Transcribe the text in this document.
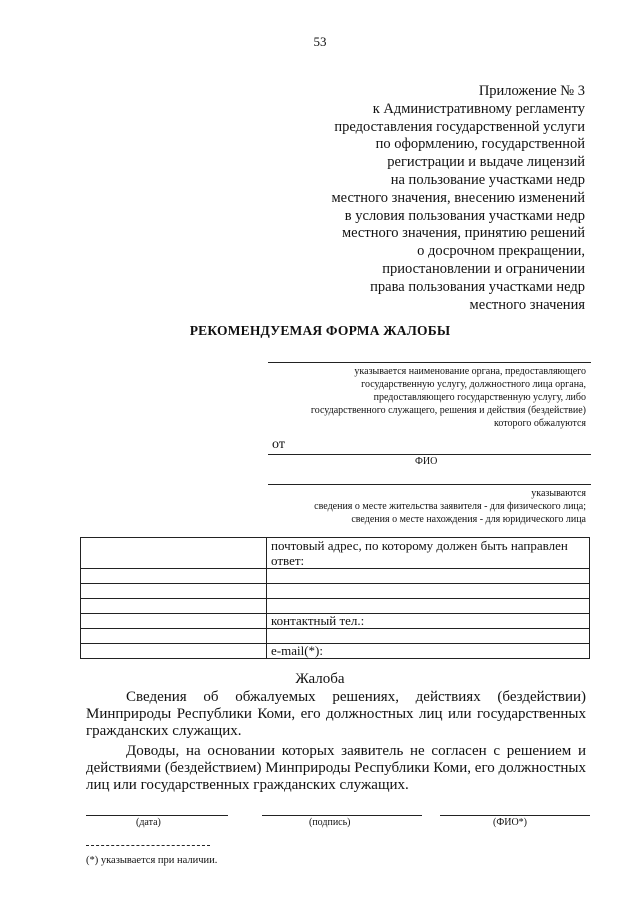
53
Приложение № 3
к Административному регламенту
предоставления государственной услуги
по оформлению, государственной
регистрации и выдаче лицензий
на пользование участками недр
местного значения, внесению изменений
в условия пользования участками недр
местного значения, принятию решений
о досрочном прекращении,
приостановлении и ограничении
права пользования участками недр
местного значения
РЕКОМЕНДУЕМАЯ ФОРМА ЖАЛОБЫ
указывается наименование органа, предоставляющего
государственную услугу, должностного лица органа,
предоставляющего государственную услугу, либо
государственного служащего, решения и действия (бездействие)
которого обжалуются
от
ФИО
указываются
сведения о месте жительства заявителя - для физического лица;
сведения о месте нахождения - для юридического лица
	почтовый адрес, по которому должен быть направлен ответ:

	контактный тел.:

	e-mail(*):
Жалоба
Сведения об обжалуемых решениях, действиях (бездействии) Минприроды Республики Коми, его должностных лиц или государственных гражданских служащих.
Доводы, на основании которых заявитель не согласен с решением и действиями (бездействием) Минприроды Республики Коми, его должностных лиц или государственных гражданских служащих.
(дата)	(подпись)	(ФИО*)
(*) указывается при наличии.
